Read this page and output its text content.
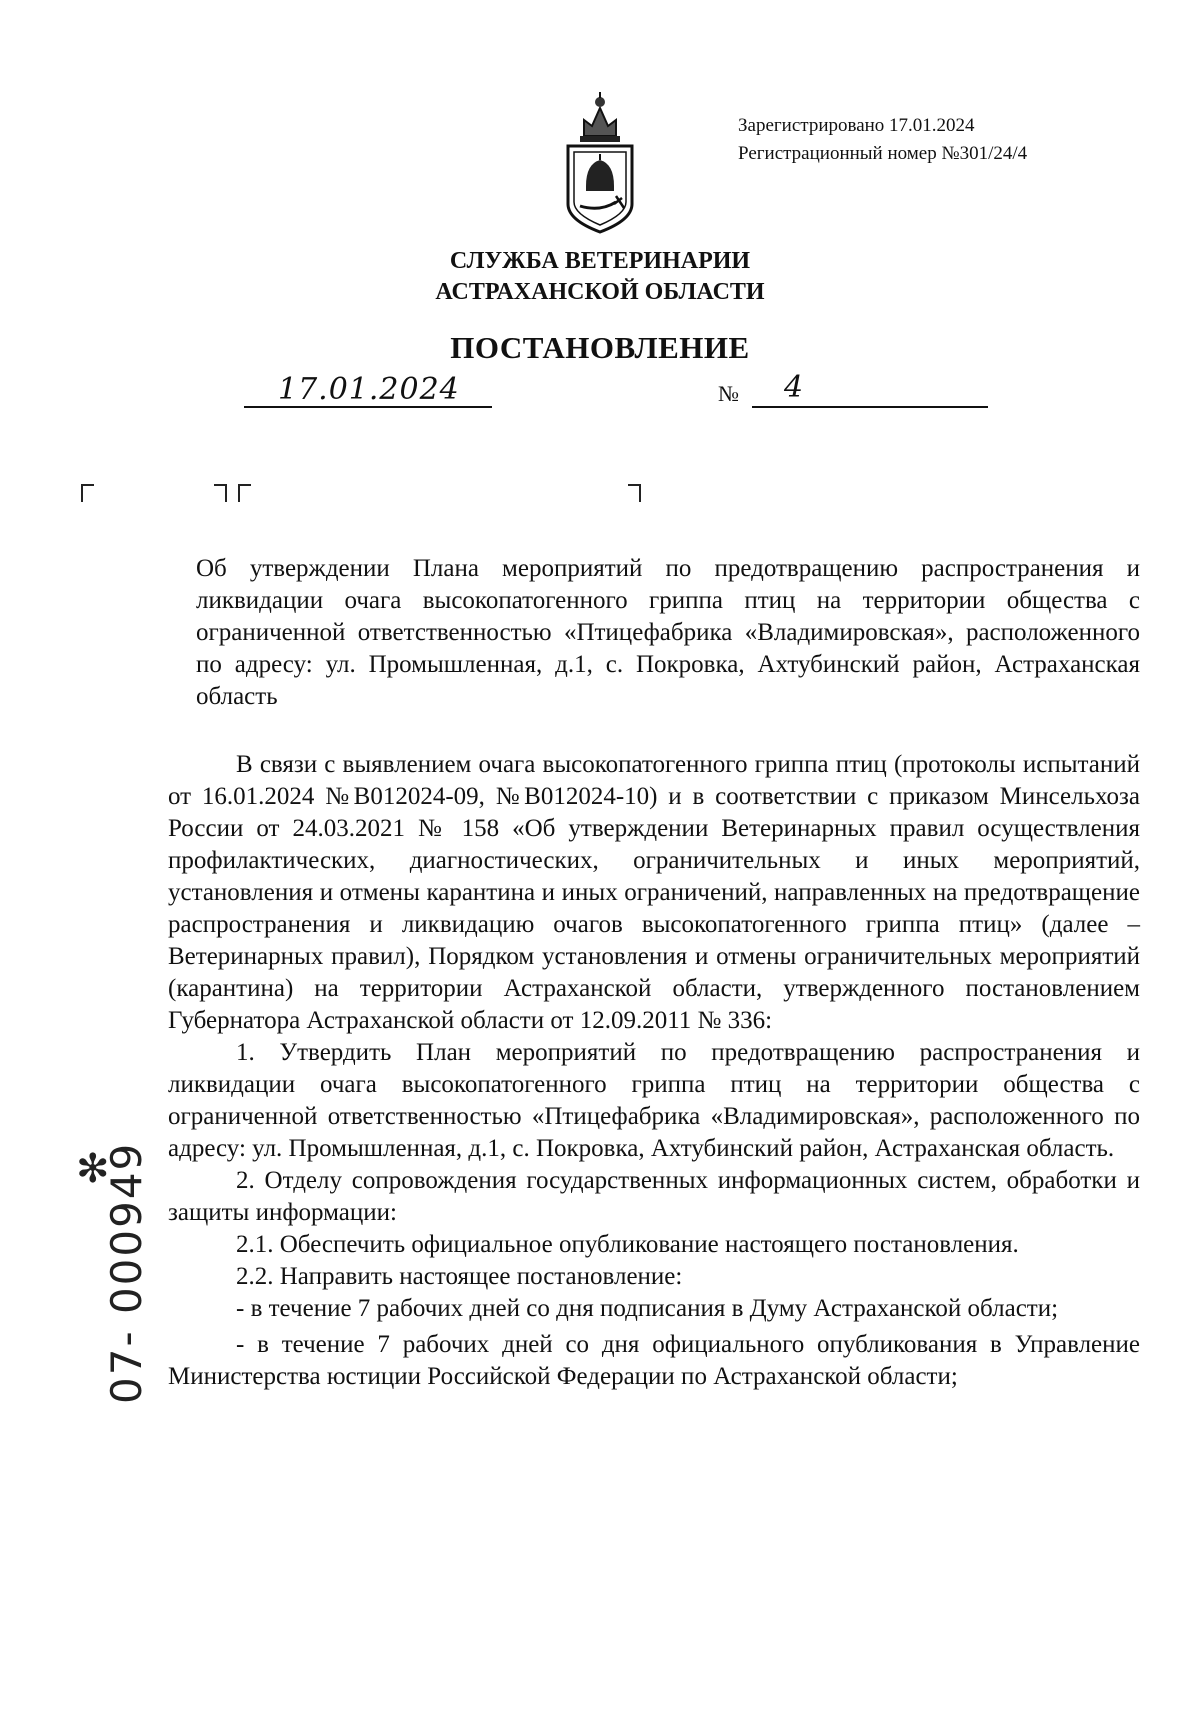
Зарегистрировано 17.01.2024
Регистрационный номер №301/24/4
СЛУЖБА ВЕТЕРИНАРИИ
АСТРАХАНСКОЙ ОБЛАСТИ
ПОСТАНОВЛЕНИЕ
17.01.2024	№ 4

Об утверждении Плана мероприятий по предотвращению распространения и ликвидации очага высокопатогенного гриппа птиц на территории общества с ограниченной ответственностью «Птицефабрика «Владимировская», расположенного по адресу: ул. Промышленная, д.1, с. Покровка, Ахтубинский район, Астраханская область

В связи с выявлением очага высокопатогенного гриппа птиц (протоколы испытаний от 16.01.2024 №В012024-09, №В012024-10) и в соответствии с приказом Минсельхоза России от 24.03.2021 № 158 «Об утверждении Ветеринарных правил осуществления профилактических, диагностических, ограничительных и иных мероприятий, установления и отмены карантина и иных ограничений, направленных на предотвращение распространения и ликвидацию очагов высокопатогенного гриппа птиц» (далее – Ветеринарных правил), Порядком установления и отмены ограничительных мероприятий (карантина) на территории Астраханской области, утвержденного постановлением Губернатора Астраханской области от 12.09.2011 № 336:

1. Утвердить План мероприятий по предотвращению распространения и ликвидации очага высокопатогенного гриппа птиц на территории общества с ограниченной ответственностью «Птицефабрика «Владимировская», расположенного по адресу: ул. Промышленная, д.1, с. Покровка, Ахтубинский район, Астраханская область.

2. Отделу сопровождения государственных информационных систем, обработки и защиты информации:

2.1. Обеспечить официальное опубликование настоящего постановления.

2.2. Направить настоящее постановление:

- в течение 7 рабочих дней со дня подписания в Думу Астраханской области;

- в течение 7 рабочих дней со дня официального опубликования в Управление Министерства юстиции Российской Федерации по Астраханской области;

✻
07- 000949
